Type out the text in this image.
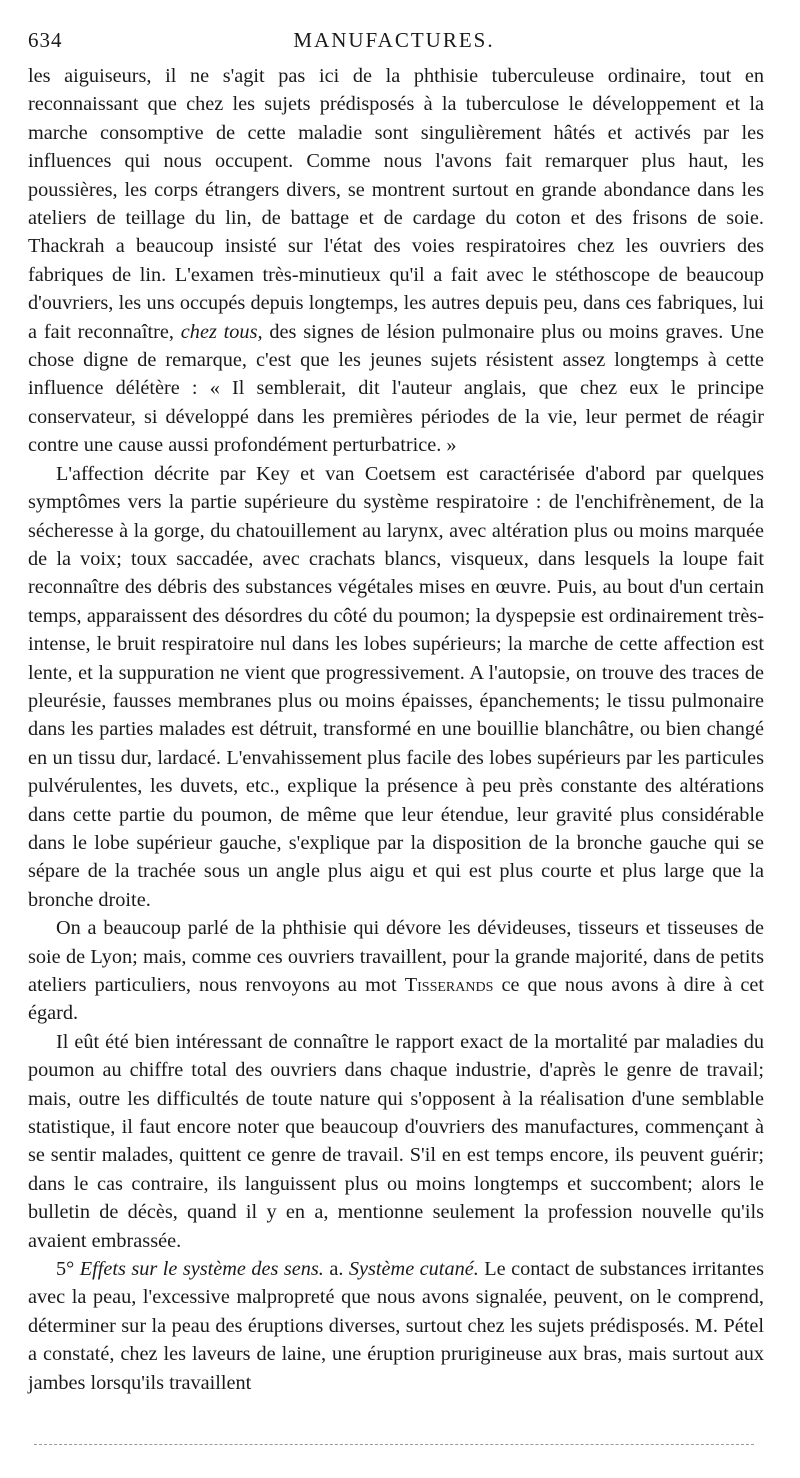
634	MANUFACTURES.

les aiguiseurs, il ne s'agit pas ici de la phthisie tuberculeuse ordinaire, tout en reconnaissant que chez les sujets prédisposés à la tuberculose le développement et la marche consomptive de cette maladie sont singulièrement hâtés et activés par les influences qui nous occupent. Comme nous l'avons fait remarquer plus haut, les poussières, les corps étrangers divers, se montrent surtout en grande abondance dans les ateliers de teillage du lin, de battage et de cardage du coton et des frisons de soie. Thackrah a beaucoup insisté sur l'état des voies respiratoires chez les ouvriers des fabriques de lin. L'examen très-minutieux qu'il a fait avec le stéthoscope de beaucoup d'ouvriers, les uns occupés depuis longtemps, les autres depuis peu, dans ces fabriques, lui a fait reconnaître, chez tous, des signes de lésion pulmonaire plus ou moins graves. Une chose digne de remarque, c'est que les jeunes sujets résistent assez longtemps à cette influence délétère : « Il semblerait, dit l'auteur anglais, que chez eux le principe conservateur, si développé dans les premières périodes de la vie, leur permet de réagir contre une cause aussi profondément perturbatrice. »

L'affection décrite par Key et van Coetsem est caractérisée d'abord par quelques symptômes vers la partie supérieure du système respiratoire : de l'enchifrènement, de la sécheresse à la gorge, du chatouillement au larynx, avec altération plus ou moins marquée de la voix; toux saccadée, avec crachats blancs, visqueux, dans lesquels la loupe fait reconnaître des débris des substances végétales mises en œuvre. Puis, au bout d'un certain temps, apparaissent des désordres du côté du poumon; la dyspepsie est ordinairement très-intense, le bruit respiratoire nul dans les lobes supérieurs; la marche de cette affection est lente, et la suppuration ne vient que progressivement. A l'autopsie, on trouve des traces de pleurésie, fausses membranes plus ou moins épaisses, épanchements; le tissu pulmonaire dans les parties malades est détruit, transformé en une bouillie blanchâtre, ou bien changé en un tissu dur, lardacé. L'envahissement plus facile des lobes supérieurs par les particules pulvérulentes, les duvets, etc., explique la présence à peu près constante des altérations dans cette partie du poumon, de même que leur étendue, leur gravité plus considérable dans le lobe supérieur gauche, s'explique par la disposition de la bronche gauche qui se sépare de la trachée sous un angle plus aigu et qui est plus courte et plus large que la bronche droite.

On a beaucoup parlé de la phthisie qui dévore les dévideuses, tisseurs et tisseuses de soie de Lyon; mais, comme ces ouvriers travaillent, pour la grande majorité, dans de petits ateliers particuliers, nous renvoyons au mot Tisserands ce que nous avons à dire à cet égard.

Il eût été bien intéressant de connaître le rapport exact de la mortalité par maladies du poumon au chiffre total des ouvriers dans chaque industrie, d'après le genre de travail; mais, outre les difficultés de toute nature qui s'opposent à la réalisation d'une semblable statistique, il faut encore noter que beaucoup d'ouvriers des manufactures, commençant à se sentir malades, quittent ce genre de travail. S'il en est temps encore, ils peuvent guérir; dans le cas contraire, ils languissent plus ou moins longtemps et succombent; alors le bulletin de décès, quand il y en a, mentionne seulement la profession nouvelle qu'ils avaient embrassée.

5° Effets sur le système des sens. a. Système cutané. Le contact de substances irritantes avec la peau, l'excessive malpropreté que nous avons signalée, peuvent, on le comprend, déterminer sur la peau des éruptions diverses, surtout chez les sujets prédisposés. M. Pétel a constaté, chez les laveurs de laine, une éruption prurigineuse aux bras, mais surtout aux jambes lorsqu'ils travaillent
